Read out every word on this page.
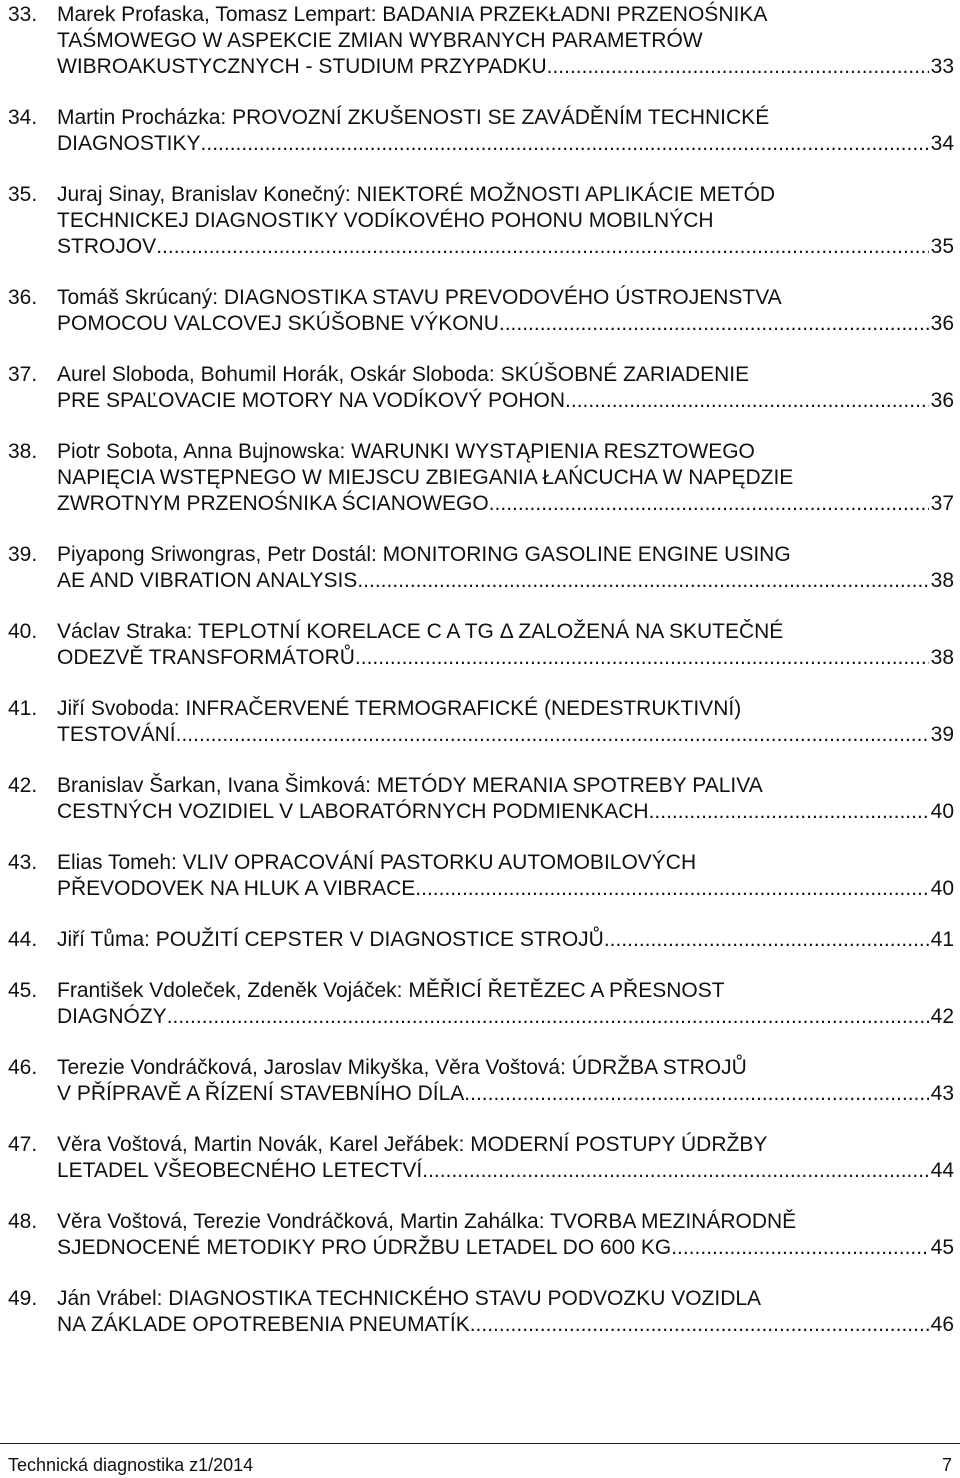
33. Marek Profaska, Tomasz Lempart: BADANIA PRZEKŁADNI PRZENOŚNIKA
TAŚMOWEGO W ASPEKCIE ZMIAN WYBRANYCH PARAMETRÓW
WIBROAKUSTYCZNYCH - STUDIUM PRZYPADKU. .....	33
34. Martin Procházka: PROVOZNÍ ZKUŠENOSTI SE ZAVÁDĚNÍM TECHNICKÉ
DIAGNOSTIKY .....	34
35. Juraj Sinay, Branislav Konečný: NIEKTORÉ MOŽNOSTI APLIKÁCIE METÓD
TECHNICKEJ DIAGNOSTIKY VODÍKOVÉHO POHONU MOBILNÝCH
STROJOV .....	35
36. Tomáš Skrúcaný: DIAGNOSTIKA STAVU PREVODOVÉHO ÚSTROJENSTVA
POMOCOU VALCOVEJ SKÚŠOBNE VÝKONU .....	36
37. Aurel Sloboda, Bohumil Horák, Oskár Sloboda: SKÚŠOBNÉ ZARIADENIE
PRE SPAĽOVACIE MOTORY NA VODÍKOVÝ POHON .....	36
38. Piotr Sobota, Anna Bujnowska: WARUNKI WYSTĄPIENIA RESZTOWEGO
NAPIĘCIA WSTĘPNEGO W MIEJSCU ZBIEGANIA ŁAŃCUCHA W NAPĘDZIE
ZWROTNYM PRZENOŚNIKA ŚCIANOWEGO .....	37
39. Piyapong Sriwongras, Petr Dostál: MONITORING GASOLINE ENGINE USING
AE AND VIBRATION ANALYSIS .....	38
40. Václav Straka: TEPLOTNÍ KORELACE C A TG Δ ZALOŽENÁ NA SKUTEČNÉ
ODEZVĚ TRANSFORMÁTORŮ .....	38
41. Jiří Svoboda: INFRAČERVENÉ TERMOGRAFICKÉ (NEDESTRUKTIVNÍ)
TESTOVÁNÍ .....	39
42. Branislav Šarkan, Ivana Šimková: METÓDY MERANIA SPOTREBY PALIVA
CESTNÝCH VOZIDIEL V LABORATÓRNYCH PODMIENKACH .....	40
43. Elias Tomeh: VLIV OPRACOVÁNÍ PASTORKU AUTOMOBILOVÝCH
PŘEVODOVEK NA HLUK A VIBRACE .....	40
44. Jiří Tůma: POUŽITÍ CEPSTER V DIAGNOSTICE STROJŮ .....	41
45. František Vdoleček, Zdeněk Vojáček: MĚŘICÍ ŘETĚZEC A PŘESNOST
DIAGNÓZY .....	42
46. Terezie Vondráčková, Jaroslav Mikyška, Věra Voštová: ÚDRŽBA STROJŮ
V PŘÍPRAVĚ A ŘÍZENÍ STAVEBNÍHO DÍLA .....	43
47. Věra Voštová, Martin Novák, Karel Jeřábek: MODERNÍ POSTUPY ÚDRŽBY
LETADEL VŠEOBECNÉHO LETECTVÍ .....	44
48. Věra Voštová, Terezie Vondráčková, Martin Zahálka: TVORBA MEZINÁRODNĚ
SJEDNOCENÉ METODIKY PRO ÚDRŽBU LETADEL DO 600 KG .....	45
49. Ján Vrábel: DIAGNOSTIKA TECHNICKÉHO STAVU PODVOZKU VOZIDLA
NA ZÁKLADE OPOTREBENIA PNEUMATÍK .....	46
Technická diagnostika z1/2014	7
